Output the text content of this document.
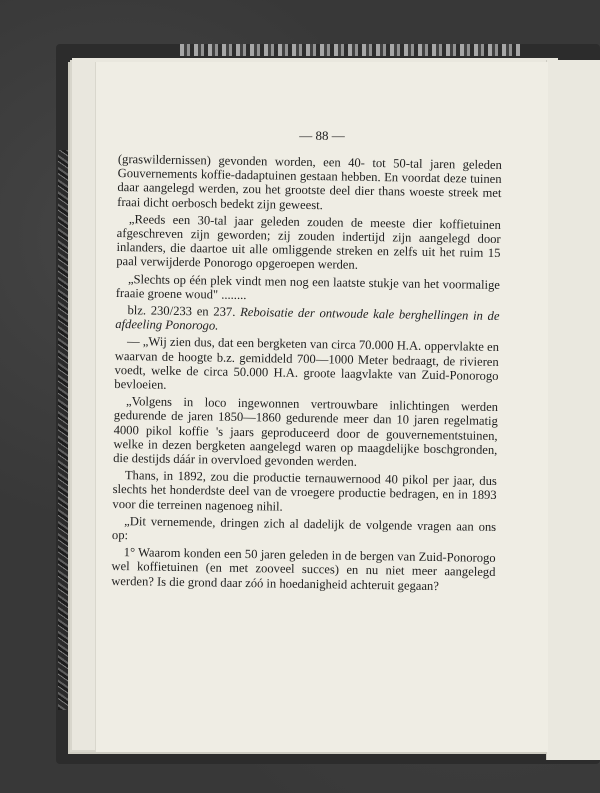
— 88 —

(graswildernissen) gevonden worden, een 40- tot 50-tal jaren geleden Gouvernements koffie-dadaptuinen gestaan hebben. En voordat deze tuinen daar aangelegd werden, zou het grootste deel dier thans woeste streek met fraai dicht oerbosch bedekt zijn geweest.

„Reeds een 30-tal jaar geleden zouden de meeste dier koffietuinen afgeschreven zijn geworden; zij zouden indertijd zijn aangelegd door inlanders, die daartoe uit alle omliggende streken en zelfs uit het ruim 15 paal verwijderde Ponorogo opgeroepen werden.

„Slechts op één plek vindt men nog een laatste stukje van het voormalige fraaie groene woud" ........

blz. 230/233 en 237. Reboisatie der ontwoude kale berghellingen in de afdeeling Ponorogo.

— „Wij zien dus, dat een bergketen van circa 70.000 H.A. oppervlakte en waarvan de hoogte b.z. gemiddeld 700—1000 Meter bedraagt, de rivieren voedt, welke de circa 50.000 H.A. groote laagvlakte van Zuid-Ponorogo bevloeien.

„Volgens in loco ingewonnen vertrouwbare inlichtingen werden gedurende de jaren 1850—1860 gedurende meer dan 10 jaren regelmatig 4000 pikol koffie 's jaars geproduceerd door de gouvernementstuinen, welke in dezen bergketen aangelegd waren op maagdelijke boschgronden, die destijds dáár in overvloed gevonden werden.

Thans, in 1892, zou die productie ternauwernood 40 pikol per jaar, dus slechts het honderdste deel van de vroegere productie bedragen, en in 1893 voor die terreinen nagenoeg nihil.

„Dit vernemende, dringen zich al dadelijk de volgende vragen aan ons op:

1° Waarom konden een 50 jaren geleden in de bergen van Zuid-Ponorogo wel koffietuinen (en met zooveel succes) en nu niet meer aangelegd werden? Is die grond daar zóó in hoedanigheid achteruit gegaan?
